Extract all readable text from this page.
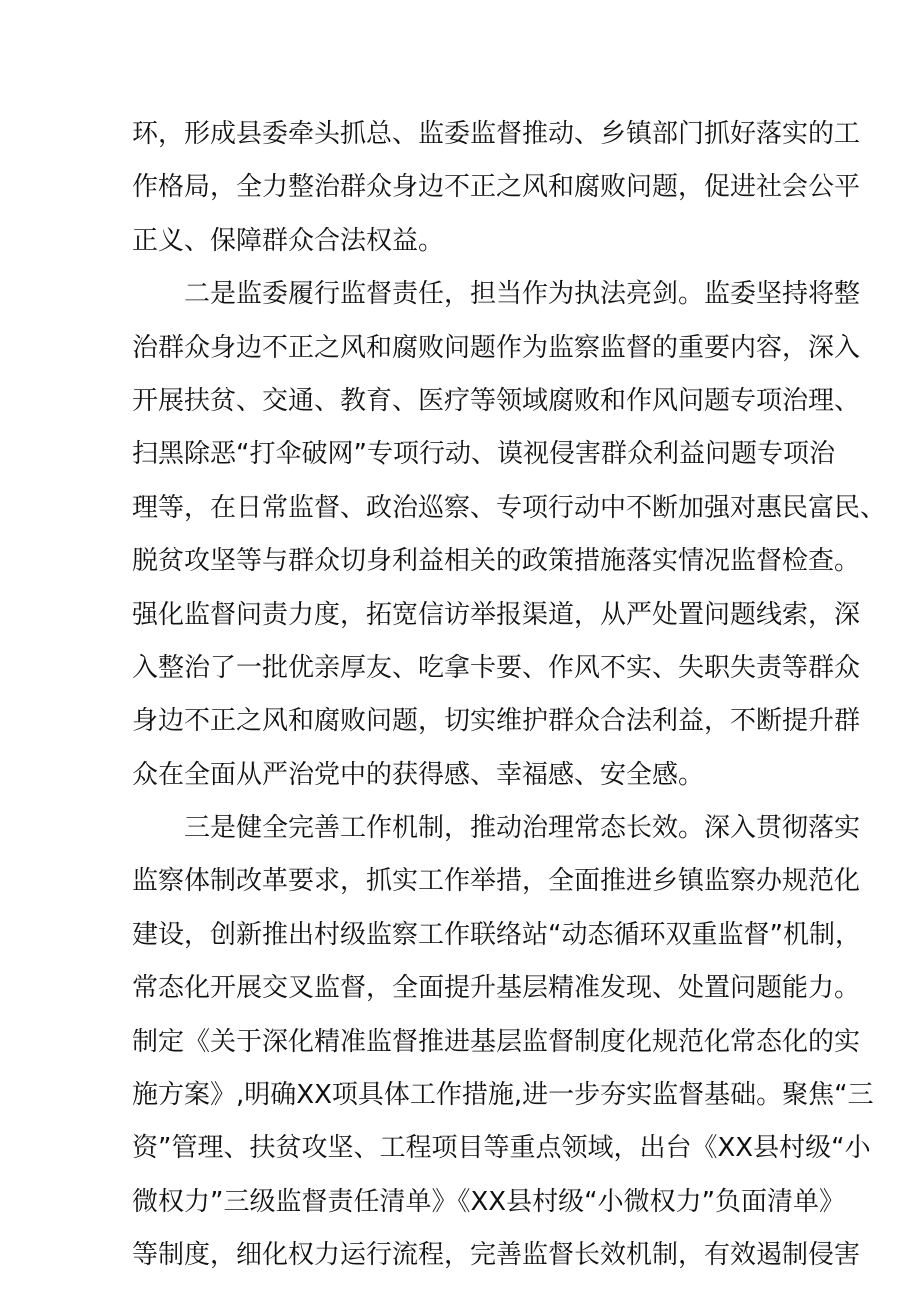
环，形成县委牵头抓总、监委监督推动、乡镇部门抓好落实的工
作格局，全力整治群众身边不正之风和腐败问题，促进社会公平
正义、保障群众合法权益。
二是监委履行监督责任，担当作为执法亮剑。监委坚持将整
治群众身边不正之风和腐败问题作为监察监督的重要内容，深入
开展扶贫、交通、教育、医疗等领域腐败和作风问题专项治理、
扫黑除恶“打伞破网”专项行动、谟视侵害群众利益问题专项治
理等，在日常监督、政治巡察、专项行动中不断加强对惠民富民、
脱贫攻坚等与群众切身利益相关的政策措施落实情况监督检查。
强化监督问责力度，拓宽信访举报渠道，从严处置问题线索，深
入整治了一批优亲厚友、吃拿卡要、作风不实、失职失责等群众
身边不正之风和腐败问题，切实维护群众合法利益，不断提升群
众在全面从严治党中的获得感、幸福感、安全感。
三是健全完善工作机制，推动治理常态长效。深入贯彻落实
监察体制改革要求，抓实工作举措，全面推进乡镇监察办规范化
建设，创新推出村级监察工作联络站“动态循环双重监督”机制，
常态化开展交叉监督，全面提升基层精准发现、处置问题能力。
制定《关于深化精准监督推进基层监督制度化规范化常态化的实
施方案》,明确XX项具体工作措施,进一步夯实监督基础。聚焦“三
资”管理、扶贫攻坚、工程项目等重点领域，出台《XX县村级“小
微权力”三级监督责任清单》《XX县村级“小微权力”负面清单》
等制度，细化权力运行流程，完善监督长效机制，有效遏制侵害
